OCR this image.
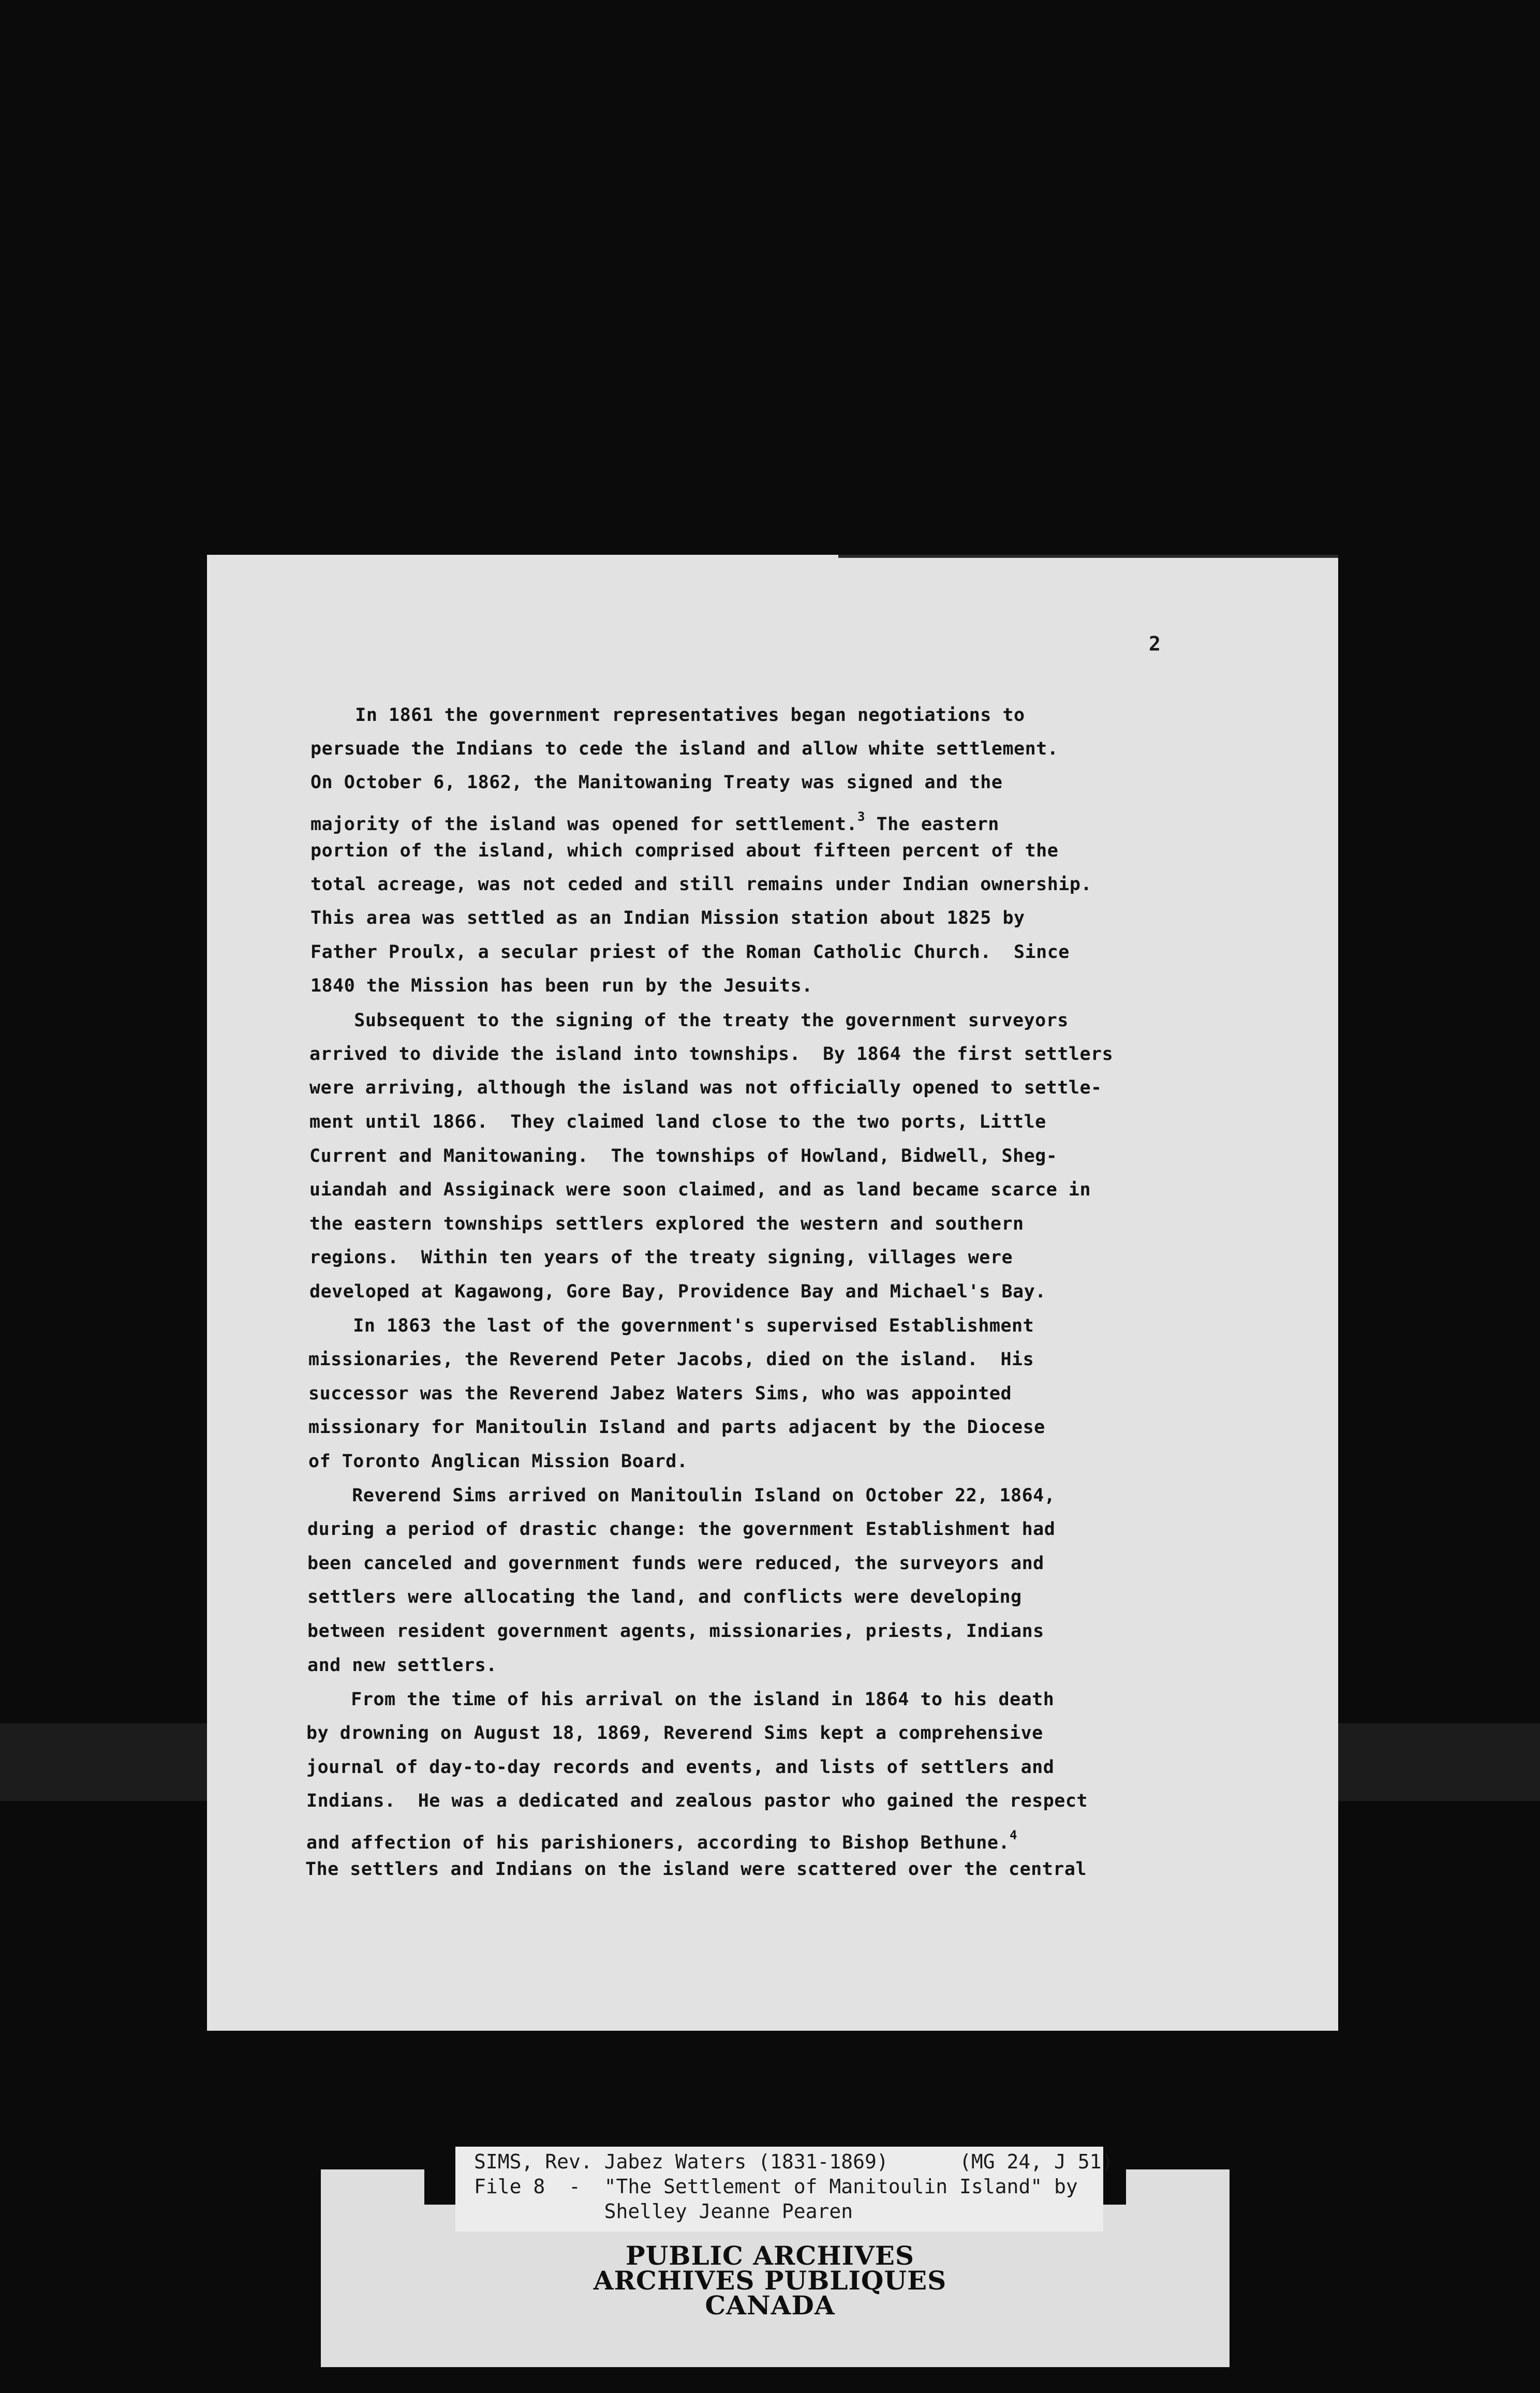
2

In 1861 the government representatives began negotiations to

persuade the Indians to cede the island and allow white settlement.

On October 6, 1862, the Manitowaning Treaty was signed and the

majority of the island was opened for settlement.$^3$ The eastern

portion of the island, which comprised about fifteen percent of the

total acreage, was not ceded and still remains under Indian ownership.

This area was settled as an Indian Mission station about 1825 by

Father Proulx, a secular priest of the Roman Catholic Church.  Since

1840 the Mission has been run by the Jesuits.

Subsequent to the signing of the treaty the government surveyors

arrived to divide the island into townships.  By 1864 the first settlers

were arriving, although the island was not officially opened to settle-

ment until 1866.  They claimed land close to the two ports, Little

Current and Manitowaning.  The townships of Howland, Bidwell, Sheg-

uiandah and Assiginack were soon claimed, and as land became scarce in

the eastern townships settlers explored the western and southern

regions.  Within ten years of the treaty signing, villages were

developed at Kagawong, Gore Bay, Providence Bay and Michael's Bay.

In 1863 the last of the government's supervised Establishment

missionaries, the Reverend Peter Jacobs, died on the island.  His

successor was the Reverend Jabez Waters Sims, who was appointed

missionary for Manitoulin Island and parts adjacent by the Diocese

of Toronto Anglican Mission Board.

Reverend Sims arrived on Manitoulin Island on October 22, 1864,

during a period of drastic change: the government Establishment had

been canceled and government funds were reduced, the surveyors and

settlers were allocating the land, and conflicts were developing

between resident government agents, missionaries, priests, Indians

and new settlers.

From the time of his arrival on the island in 1864 to his death

by drowning on August 18, 1869, Reverend Sims kept a comprehensive

journal of day-to-day records and events, and lists of settlers and

Indians.  He was a dedicated and zealous pastor who gained the respect

and affection of his parishioners, according to Bishop Bethune.$^4$

The settlers and Indians on the island were scattered over the central

SIMS, Rev. Jabez Waters (1831-1869)      (MG 24, J 51)

File 8  -  "The Settlement of Manitoulin Island" by

Shelley Jeanne Pearen

PUBLIC ARCHIVES
ARCHIVES PUBLIQUES
CANADA
